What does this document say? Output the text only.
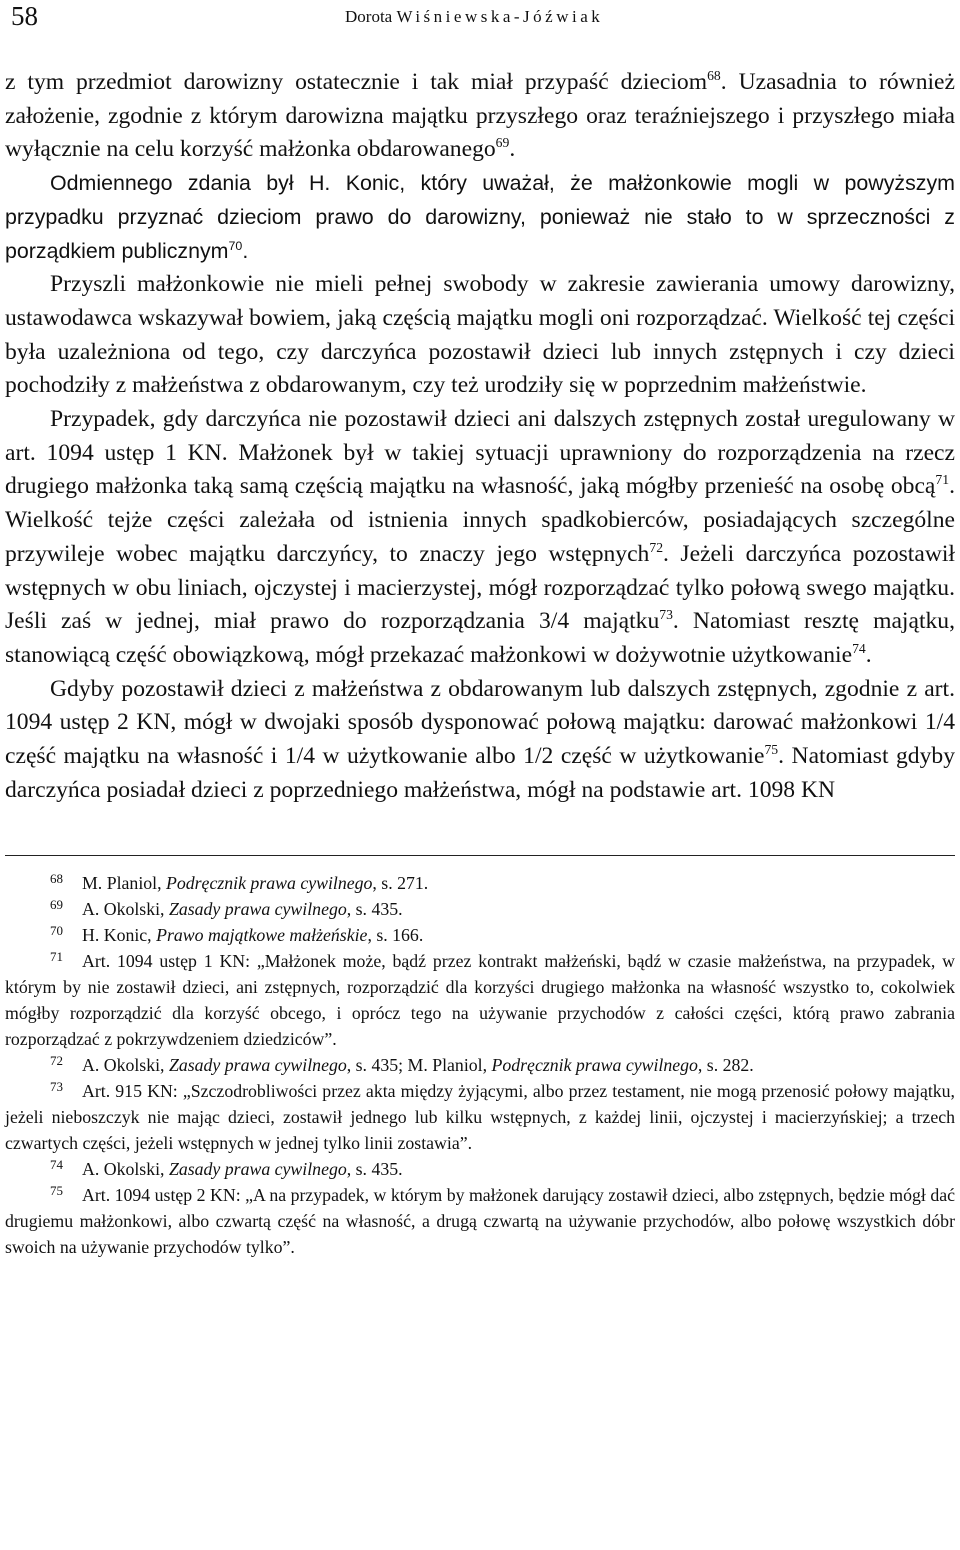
58	Dorota Wiśniewska-Jóźwiak

z tym przedmiot darowizny ostatecznie i tak miał przypaść dzieciom$^{68}$. Uzasadnia to również założenie, zgodnie z którym darowizna majątku przyszłego oraz teraźniejszego i przyszłego miała wyłącznie na celu korzyść małżonka obdarowanego$^{69}$.

Odmiennego zdania był H. Konic, który uważał, że małżonkowie mogli w powyższym przypadku przyznać dzieciom prawo do darowizny, ponieważ nie stało to w sprzeczności z porządkiem publicznym$^{70}$.

Przyszli małżonkowie nie mieli pełnej swobody w zakresie zawierania umowy darowizny, ustawodawca wskazywał bowiem, jaką częścią majątku mogli oni rozporządzać. Wielkość tej części była uzależniona od tego, czy darczyńca pozostawił dzieci lub innych zstępnych i czy dzieci pochodziły z małżeństwa z obdarowanym, czy też urodziły się w poprzednim małżeństwie.

Przypadek, gdy darczyńca nie pozostawił dzieci ani dalszych zstępnych został uregulowany w art. 1094 ustęp 1 KN. Małżonek był w takiej sytuacji uprawniony do rozporządzenia na rzecz drugiego małżonka taką samą częścią majątku na własność, jaką mógłby przenieść na osobę obcą$^{71}$. Wielkość tejże części zależała od istnienia innych spadkobierców, posiadających szczególne przywileje wobec majątku darczyńcy, to znaczy jego wstępnych$^{72}$. Jeżeli darczyńca pozostawił wstępnych w obu liniach, ojczystej i macierzystej, mógł rozporządzać tylko połową swego majątku. Jeśli zaś w jednej, miał prawo do rozporządzania 3/4 majątku$^{73}$. Natomiast resztę majątku, stanowiącą część obowiązkową, mógł przekazać małżonkowi w dożywotnie użytkowanie$^{74}$.

Gdyby pozostawił dzieci z małżeństwa z obdarowanym lub dalszych zstępnych, zgodnie z art. 1094 ustęp 2 KN, mógł w dwojaki sposób dysponować połową majątku: darować małżonkowi 1/4 część majątku na własność i 1/4 w użytkowanie albo 1/2 część w użytkowanie$^{75}$. Natomiast gdyby darczyńca posiadał dzieci z poprzedniego małżeństwa, mógł na podstawie art. 1098 KN

68 M. Planiol, Podręcznik prawa cywilnego, s. 271.

69 A. Okolski, Zasady prawa cywilnego, s. 435.

70 H. Konic, Prawo majątkowe małżeńskie, s. 166.

71 Art. 1094 ustęp 1 KN: „Małżonek może, bądź przez kontrakt małżeński, bądź w czasie małżeństwa, na przypadek, w którym by nie zostawił dzieci, ani zstępnych, rozporządzić dla korzyści drugiego małżonka na własność wszystko to, cokolwiek mógłby rozporządzić dla korzyść obcego, i oprócz tego na używanie przychodów z całości części, którą prawo zabrania rozporządzać z pokrzywdzeniem dziedziców”.

72 A. Okolski, Zasady prawa cywilnego, s. 435; M. Planiol, Podręcznik prawa cywilnego, s. 282.

73 Art. 915 KN: „Szczodrobliwości przez akta między żyjącymi, albo przez testament, nie mogą przenosić połowy majątku, jeżeli nieboszczyk nie mając dzieci, zostawił jednego lub kilku wstępnych, z każdej linii, ojczystej i macierzyńskiej; a trzech czwartych części, jeżeli wstępnych w jednej tylko linii zostawia”.

74 A. Okolski, Zasady prawa cywilnego, s. 435.

75 Art. 1094 ustęp 2 KN: „A na przypadek, w którym by małżonek darujący zostawił dzieci, albo zstępnych, będzie mógł dać drugiemu małżonkowi, albo czwartą część na własność, a drugą czwartą na używanie przychodów, albo połowę wszystkich dóbr swoich na używanie przychodów tylko”.
